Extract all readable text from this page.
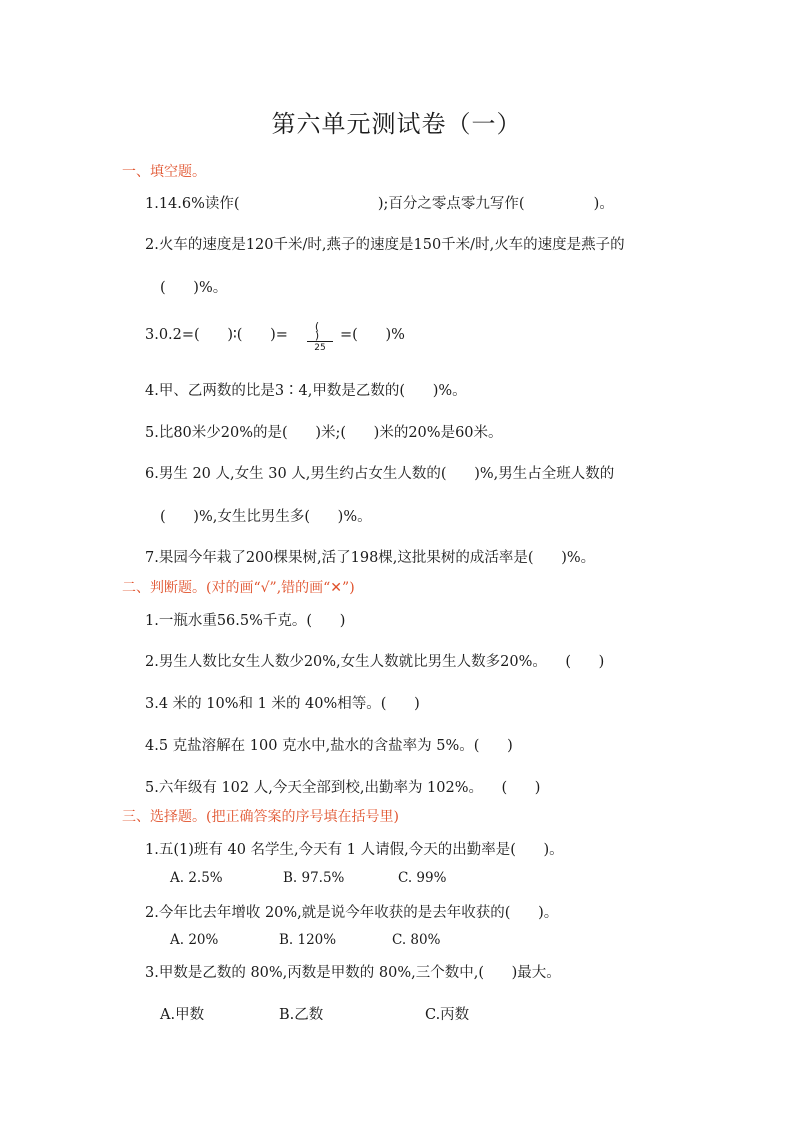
第六单元测试卷（一）
一、填空题。
1.14.6%读作(                              );百分之零点零九写作(               )。
2.火车的速度是120千米/时,燕子的速度是150千米/时,火车的速度是燕子的
(      )%。
3.0.2=(      )∶(      )=
( )
25
=(      )%
4.甲、乙两数的比是3∶4,甲数是乙数的(      )%。
5.比80米少20%的是(      )米;(      )米的20%是60米。
6.男生 20 人,女生 30 人,男生约占女生人数的(      )%,男生占全班人数的
(      )%,女生比男生多(      )%。
7.果园今年栽了200棵果树,活了198棵,这批果树的成活率是(      )%。
二、判断题。(对的画“√”,错的画“✕”)
1.一瓶水重56.5%千克。(      )
2.男生人数比女生人数少20%,女生人数就比男生人数多20%。    (      )
3.4 米的 10%和 1 米的 40%相等。(      )
4.5 克盐溶解在 100 克水中,盐水的含盐率为 5%。(      )
5.六年级有 102 人,今天全部到校,出勤率为 102%。    (      )
三、选择题。(把正确答案的序号填在括号里)
1.五(1)班有 40 名学生,今天有 1 人请假,今天的出勤率是(      )。
A. 2.5%	B. 97.5%	C. 99%
2.今年比去年增收 20%,就是说今年收获的是去年收获的(      )。
A. 20%	B. 120%	C. 80%
3.甲数是乙数的 80%,丙数是甲数的 80%,三个数中,(      )最大。
A.甲数	B.乙数	C.丙数
